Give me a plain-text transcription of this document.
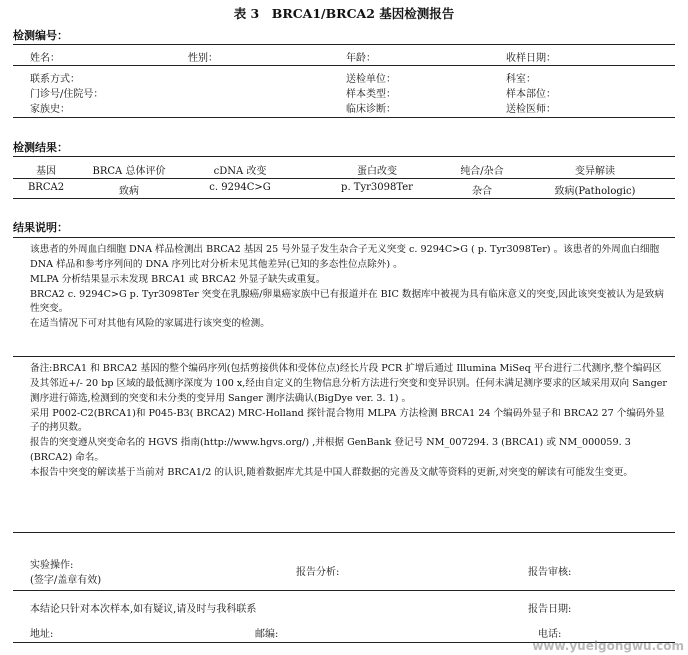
表 3　BRCA1/BRCA2 基因检测报告
检测编号：
姓名：	性别：	年龄：	收样日期：
联系方式：	送检单位：	科室：
门诊号/住院号：	样本类型：	样本部位：
家族史：	临床诊断：	送检医师：
检测结果：
基因	BRCA 总体评价	cDNA 改变	蛋白改变	纯合/杂合	变异解读
BRCA2	致病	c. 9294C>G	p. Tyr3098Ter	杂合	致病(Pathologic)
结果说明：

该患者的外周血白细胞 DNA 样品检测出 BRCA2 基因 25 号外显子发生杂合子无义突变 c. 9294C>G ( p. Tyr3098Ter) 。该患者的外周血白细胞 DNA 样品和参考序列间的 DNA 序列比对分析未见其他差异(已知的多态性位点除外) 。

MLPA 分析结果显示未发现 BRCA1 或 BRCA2 外显子缺失或重复。

BRCA2 c. 9294C>G p. Tyr3098Ter 突变在乳腺癌/卵巢癌家族中已有报道并在 BIC 数据库中被视为具有临床意义的突变,因此该突变被认为是致病性突变。

在适当情况下可对其他有风险的家属进行该突变的检测。

备注:BRCA1 和 BRCA2 基因的整个编码序列(包括剪接供体和受体位点)经长片段 PCR 扩增后通过 Illumina MiSeq 平台进行二代测序,整个编码区及其邻近+/- 20 bp 区域的最低测序深度为 100 x,经由自定义的生物信息分析方法进行突变和变异识别。任何未满足测序要求的区域采用双向 Sanger 测序进行筛选,检测到的突变和未分类的变异用 Sanger 测序法确认(BigDye ver. 3. 1) 。

采用 P002-C2(BRCA1)和 P045-B3( BRCA2) MRC-Holland 探针混合物用 MLPA 方法检测 BRCA1 24 个编码外显子和 BRCA2 27 个编码外显子的拷贝数。

报告的突变遵从突变命名的 HGVS 指南(http://www.hgvs.org/) ,并根据 GenBank 登记号 NM_007294. 3 (BRCA1) 或 NM_000059. 3 (BRCA2) 命名。

本报告中突变的解读基于当前对 BRCA1/2 的认识,随着数据库尤其是中国人群数据的完善及文献等资料的更新,对突变的解读有可能发生变更。

实验操作:
(签字/盖章有效)
报告分析:	报告审核:
本结论只针对本次样本,如有疑议,请及时与我科联系	报告日期:
地址:	邮编:	电话:
www.yueigongwu.com
